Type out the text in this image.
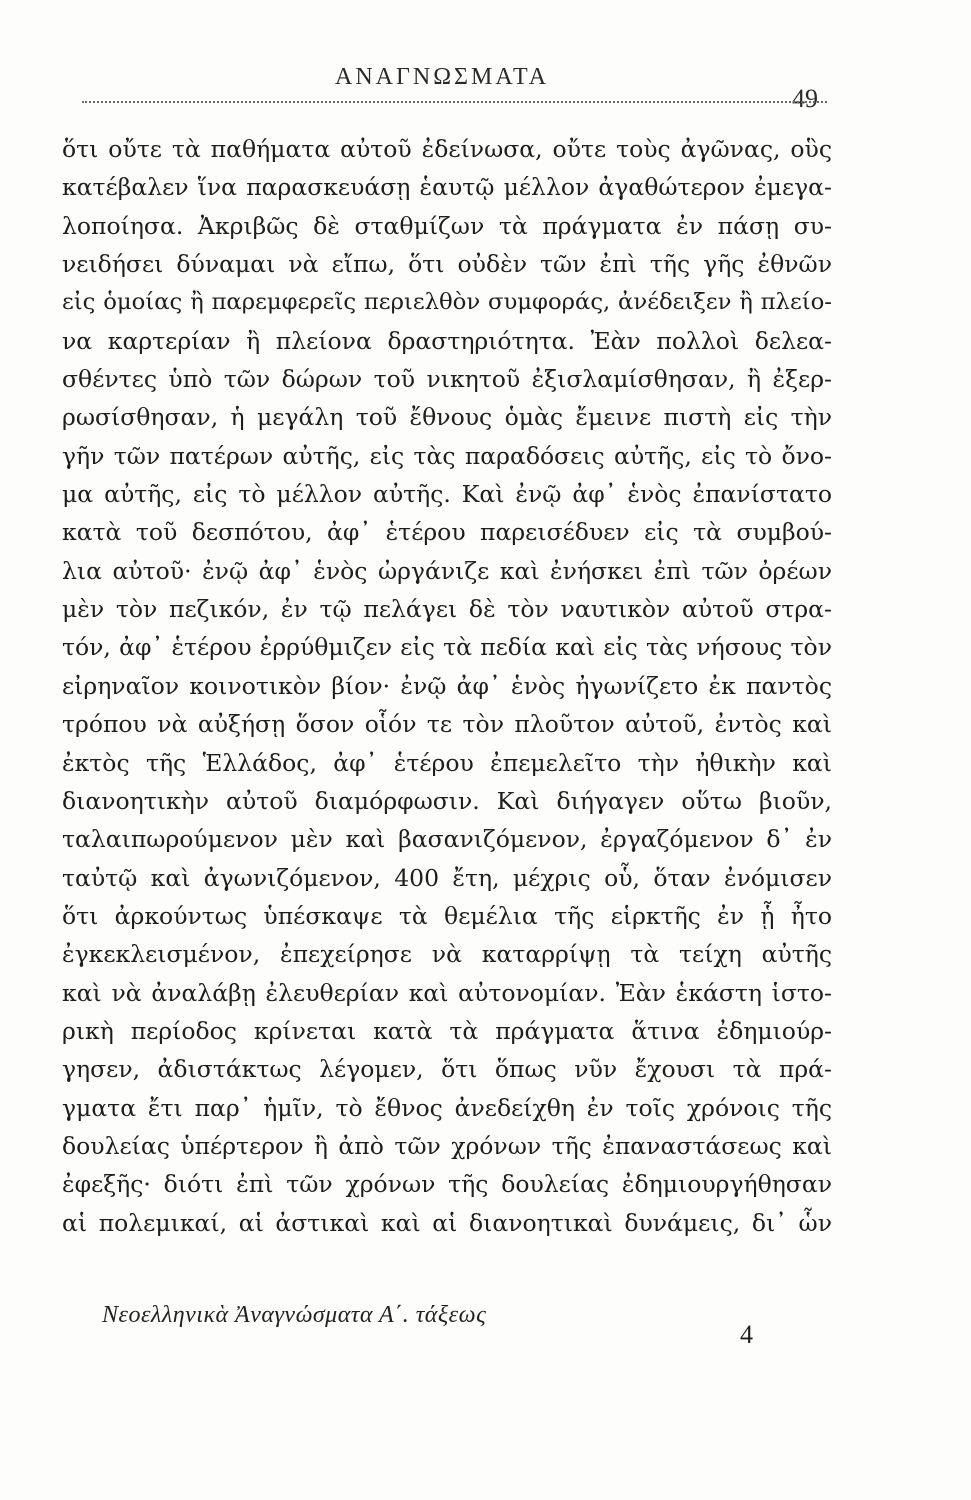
ΑΝΑΓΝΩΣΜΑΤΑ
49
ὅτι οὔτε τὰ παθήματα αὐτοῦ ἐδείνωσα, οὔτε τοὺς ἀγῶνας, οὓς
κατέβαλεν ἵνα παρασκευάσῃ ἑαυτῷ μέλλον ἀγαθώτερον ἐμεγα-
λοποίησα. Ἀκριβῶς δὲ σταθμίζων τὰ πράγματα ἐν πάσῃ συ-
νειδήσει δύναμαι νὰ εἴπω, ὅτι οὐδὲν τῶν ἐπὶ τῆς γῆς ἐθνῶν
εἰς ὁμοίας ἢ παρεμφερεῖς περιελθὸν συμφοράς, ἀνέδειξεν ἢ πλείο-
να καρτερίαν ἢ πλείονα δραστηριότητα. Ἐὰν πολλοὶ δελεα-
σθέντες ὑπὸ τῶν δώρων τοῦ νικητοῦ ἐξισλαμίσθησαν, ἢ ἐξερ-
ρωσίσθησαν, ἡ μεγάλη τοῦ ἔθνους ὁμὰς ἔμεινε πιστὴ εἰς τὴν
γῆν τῶν πατέρων αὐτῆς, εἰς τὰς παραδόσεις αὐτῆς, εἰς τὸ ὄνο-
μα αὐτῆς, εἰς τὸ μέλλον αὐτῆς. Καὶ ἐνῷ ἀφ᾽ ἑνὸς ἐπανίστατο
κατὰ τοῦ δεσπότου, ἀφ᾽ ἑτέρου παρεισέδυεν εἰς τὰ συμβού-
λια αὐτοῦ· ἐνῷ ἀφ᾽ ἑνὸς ὠργάνιζε καὶ ἐνήσκει ἐπὶ τῶν ὀρέων
μὲν τὸν πεζικόν, ἐν τῷ πελάγει δὲ τὸν ναυτικὸν αὐτοῦ στρα-
τόν, ἀφ᾽ ἑτέρου ἐρρύθμιζεν εἰς τὰ πεδία καὶ εἰς τὰς νήσους τὸν
εἰρηναῖον κοινοτικὸν βίον· ἐνῷ ἀφ᾽ ἑνὸς ἠγωνίζετο ἐκ παντὸς
τρόπου νὰ αὐξήσῃ ὅσον οἷόν τε τὸν πλοῦτον αὐτοῦ, ἐντὸς καὶ
ἐκτὸς τῆς Ἑλλάδος, ἀφ᾽ ἑτέρου ἐπεμελεῖτο τὴν ἠθικὴν καὶ
διανοητικὴν αὐτοῦ διαμόρφωσιν. Καὶ διήγαγεν οὕτω βιοῦν,
ταλαιπωρούμενον μὲν καὶ βασανιζόμενον, ἐργαζόμενον δ᾽ ἐν
ταὐτῷ καὶ ἀγωνιζόμενον, 400 ἔτη, μέχρις οὗ, ὅταν ἐνόμισεν
ὅτι ἀρκούντως ὑπέσκαψε τὰ θεμέλια τῆς εἱρκτῆς ἐν ᾗ ἦτο
ἐγκεκλεισμένον, ἐπεχείρησε νὰ καταρρίψῃ τὰ τείχη αὐτῆς
καὶ νὰ ἀναλάβῃ ἐλευθερίαν καὶ αὐτονομίαν. Ἐὰν ἑκάστη ἱστο-
ρικὴ περίοδος κρίνεται κατὰ τὰ πράγματα ἅτινα ἐδημιούρ-
γησεν, ἀδιστάκτως λέγομεν, ὅτι ὅπως νῦν ἔχουσι τὰ πρά-
γματα ἔτι παρ᾽ ἡμῖν, τὸ ἔθνος ἀνεδείχθη ἐν τοῖς χρόνοις τῆς
δουλείας ὑπέρτερον ἢ ἀπὸ τῶν χρόνων τῆς ἐπαναστάσεως καὶ
ἐφεξῆς· διότι ἐπὶ τῶν χρόνων τῆς δουλείας ἐδημιουργήθησαν
αἱ πολεμικαί, αἱ ἀστικαὶ καὶ αἱ διανοητικαὶ δυνάμεις, δι᾽ ὧν
Νεοελληνικὰ Ἀναγνώσματα Α΄. τάξεως
4
